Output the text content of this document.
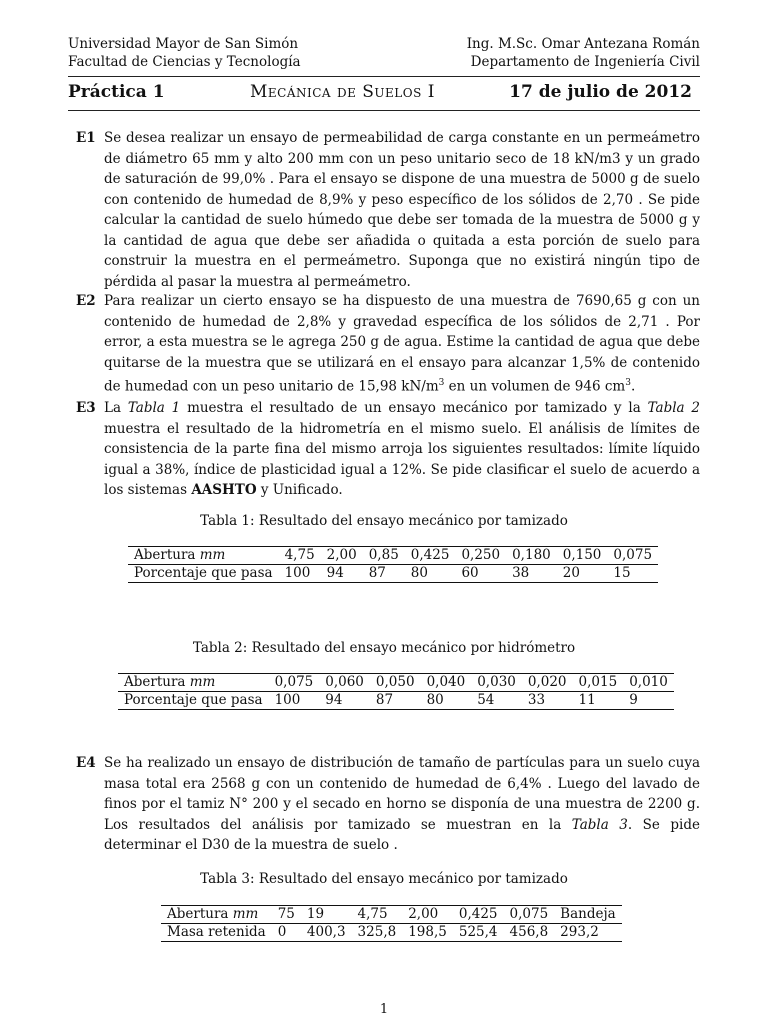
Universidad Mayor de San Simón	Ing. M.Sc. Omar Antezana Román
Facultad de Ciencias y Tecnología	Departamento de Ingeniería Civil
Práctica 1	Mecánica de Suelos I	17 de julio de 2012
E1 Se desea realizar un ensayo de permeabilidad de carga constante en un permeámetro de diámetro 65 mm y alto 200 mm con un peso unitario seco de 18 kN/m3 y un grado de saturación de 99,0% . Para el ensayo se dispone de una muestra de 5000 g de suelo con contenido de humedad de 8,9% y peso específico de los sólidos de 2,70 . Se pide calcular la cantidad de suelo húmedo que debe ser tomada de la muestra de 5000 g y la cantidad de agua que debe ser añadida o quitada a esta porción de suelo para construir la muestra en el permeámetro. Suponga que no existirá ningún tipo de pérdida al pasar la muestra al permeámetro.
E2 Para realizar un cierto ensayo se ha dispuesto de una muestra de 7690,65 g con un contenido de humedad de 2,8% y gravedad específica de los sólidos de 2,71 . Por error, a esta muestra se le agrega 250 g de agua. Estime la cantidad de agua que debe quitarse de la muestra que se utilizará en el ensayo para alcanzar 1,5% de contenido de humedad con un peso unitario de 15,98 $kN/m^3$ en un volumen de 946 $cm^3$.
E3 La Tabla 1 muestra el resultado de un ensayo mecánico por tamizado y la Tabla 2 muestra el resultado de la hidrometría en el mismo suelo. El análisis de límites de consistencia de la parte fina del mismo arroja los siguientes resultados: límite líquido igual a 38%, índice de plasticidad igual a 12%. Se pide clasificar el suelo de acuerdo a los sistemas AASHTO y Unificado.
Tabla 1: Resultado del ensayo mecánico por tamizado
Abertura mm	4,75	2,00	0,85	0,425	0,250	0,180	0,150	0,075
Porcentaje que pasa	100	94	87	80	60	38	20	15
Tabla 2: Resultado del ensayo mecánico por hidrómetro
Abertura mm	0,075	0,060	0,050	0,040	0,030	0,020	0,015	0,010
Porcentaje que pasa	100	94	87	80	54	33	11	9
E4 Se ha realizado un ensayo de distribución de tamaño de partículas para un suelo cuya masa total era 2568 g con un contenido de humedad de 6,4% . Luego del lavado de finos por el tamiz N° 200 y el secado en horno se disponía de una muestra de 2200 g. Los resultados del análisis por tamizado se muestran en la Tabla 3. Se pide determinar el D30 de la muestra de suelo .
Tabla 3: Resultado del ensayo mecánico por tamizado
Abertura mm	75	19	4,75	2,00	0,425	0,075	Bandeja
Masa retenida	0	400,3	325,8	198,5	525,4	456,8	293,2
1
